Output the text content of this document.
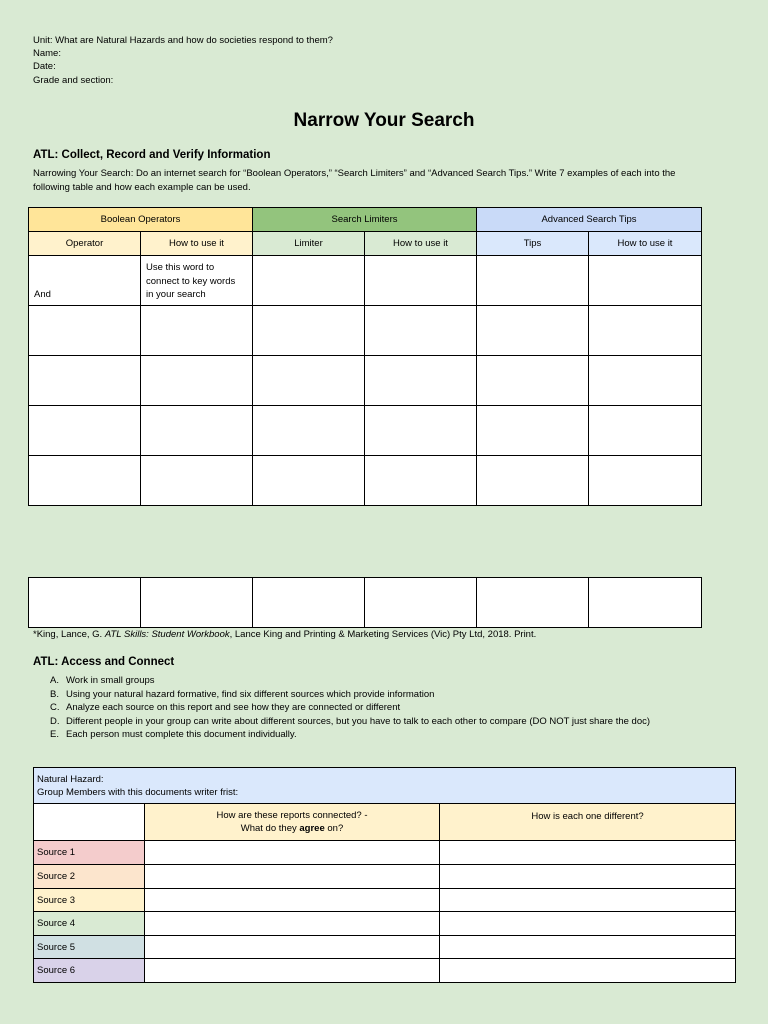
Unit: What are Natural Hazards and how do societies respond to them?
Name:
Date:
Grade and section:
Narrow Your Search
ATL: Collect, Record and Verify Information
Narrowing Your Search: Do an internet search for “Boolean Operators,” “Search Limiters” and “Advanced Search Tips.” Write 7 examples of each into the
following table and how each example can be used.
Boolean Operators		Search Limiters		Advanced Search Tips	
Operator	How to use it	Limiter	How to use it	Tips	How to use it
And	Use this word to
connect to key words
in your search				

*King, Lance, G. ATL Skills: Student Workbook, Lance King and Printing & Marketing Services (Vic) Pty Ltd, 2018. Print.
ATL: Access and Connect
A. Work in small groups
B. Using your natural hazard formative, find six different sources which provide information
C. Analyze each source on this report and see how they are connected or different
D. Different people in your group can write about different sources, but you have to talk to each other to compare (DO NOT just share the doc)
E. Each person must complete this document individually.
Natural Hazard:
Group Members with this documents writer frist:		

	How are these reports connected? -
What do they agree on?	How is each one different?
Source 1		
Source 2		
Source 3		
Source 4		
Source 5		
Source 6		
